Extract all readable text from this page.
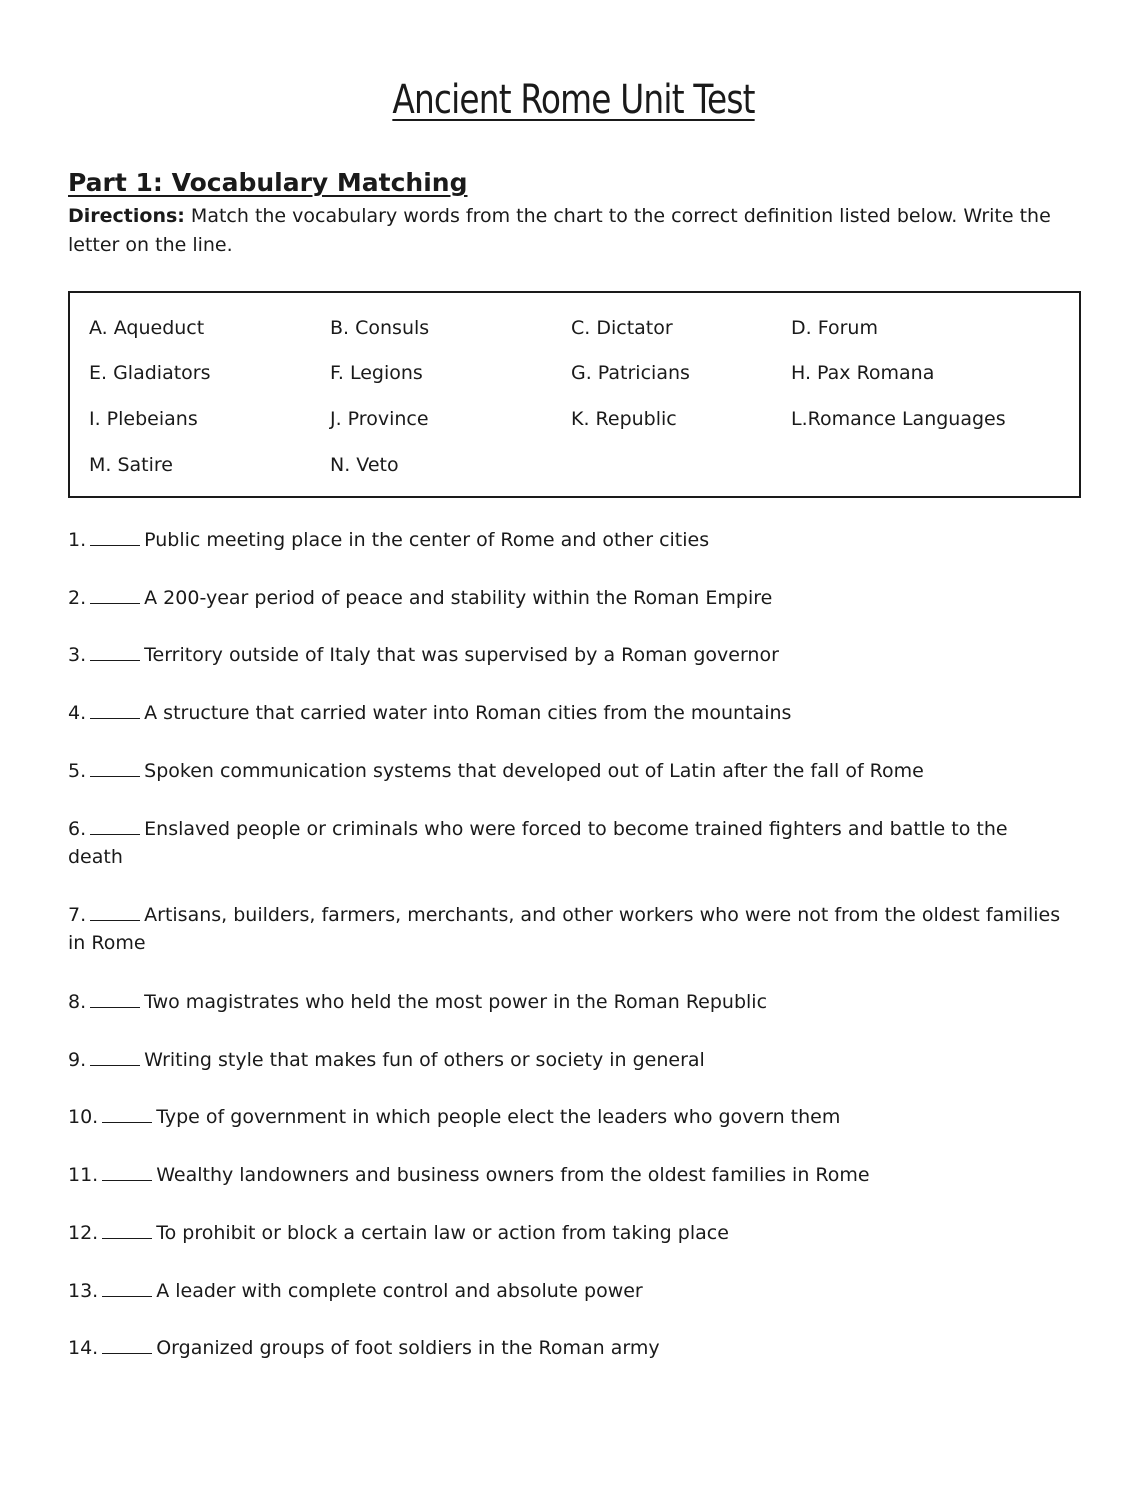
Ancient Rome Unit Test
Part 1: Vocabulary Matching

Directions: Match the vocabulary words from the chart to the correct definition listed below. Write the letter on the line.

A. Aqueduct	B. Consuls	C. Dictator	D. Forum
E. Gladiators	F. Legions	G. Patricians	H. Pax Romana
I. Plebeians	J. Province	K. Republic	L.Romance Languages
M. Satire	N. Veto

1.	Public meeting place in the center of Rome and other cities

2.	A 200-year period of peace and stability within the Roman Empire

3.	Territory outside of Italy that was supervised by a Roman governor

4.	A structure that carried water into Roman cities from the mountains

5.	Spoken communication systems that developed out of Latin after the fall of Rome

6.	Enslaved people or criminals who were forced to become trained fighters and battle to the death

7.	Artisans, builders, farmers, merchants, and other workers who were not from the oldest families in Rome

8.	Two magistrates who held the most power in the Roman Republic

9.	Writing style that makes fun of others or society in general

10.	Type of government in which people elect the leaders who govern them

11.	Wealthy landowners and business owners from the oldest families in Rome

12.	To prohibit or block a certain law or action from taking place

13.	A leader with complete control and absolute power

14.	Organized groups of foot soldiers in the Roman army
